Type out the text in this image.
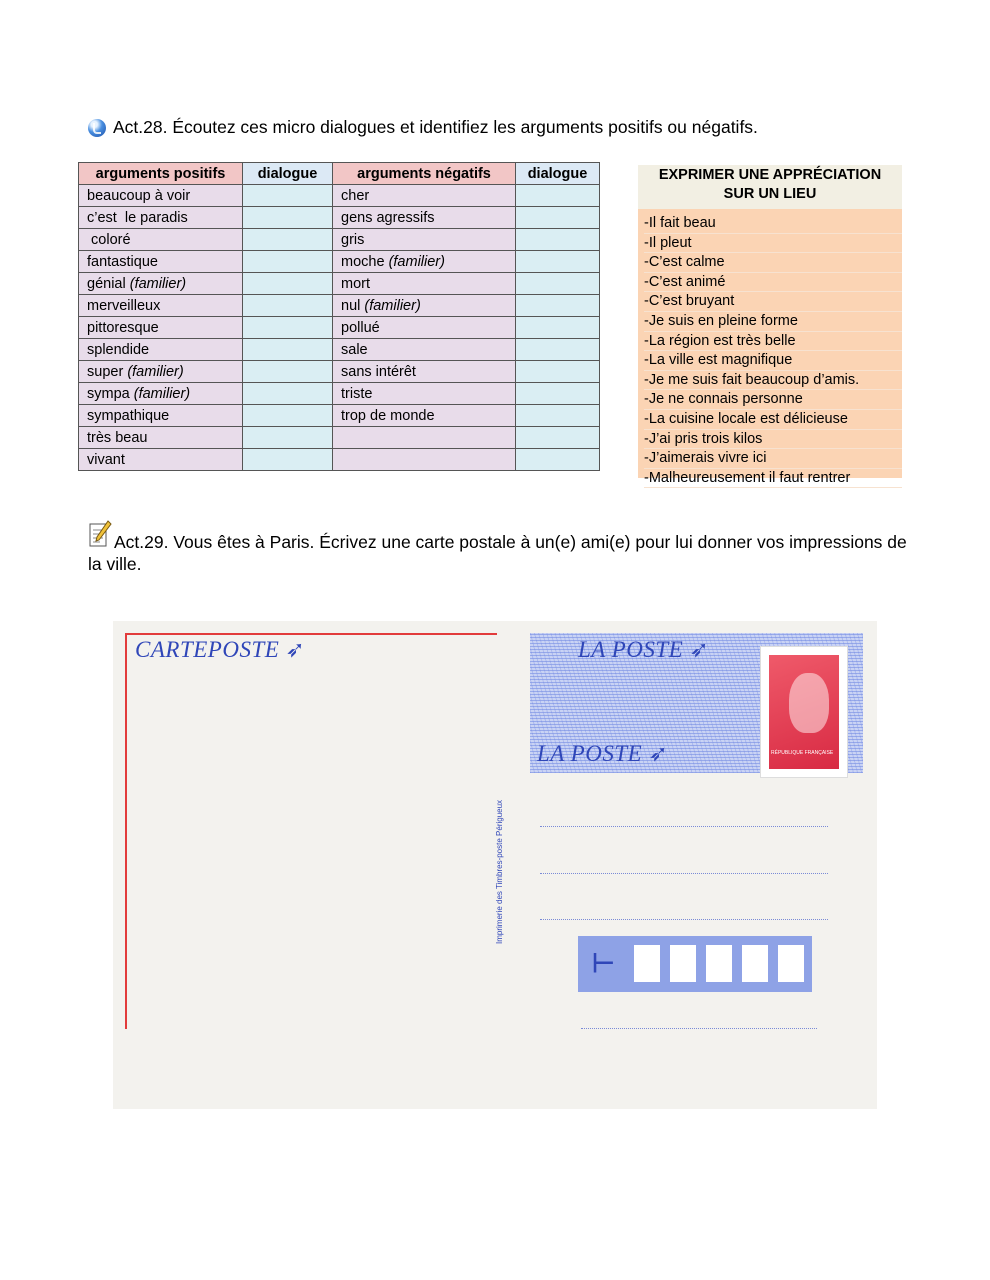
Act.28. Écoutez ces micro dialogues et identifiez les arguments positifs ou négatifs.
arguments positifs	dialogue	arguments négatifs	dialogue
beaucoup à voir		cher	
c’est  le paradis		gens agressifs	
coloré		gris	
fantastique		moche (familier)	
génial (familier)		mort	
merveilleux		nul (familier)	
pittoresque		pollué	
splendide		sale	
super (familier)		sans intérêt	
sympa (familier)		triste	
sympathique		trop de monde	
très beau			
vivant			
EXPRIMER UNE APPRÉCIATION
SUR UN LIEU
-Il fait beau
-Il pleut
-C’est calme
-C’est animé
-C’est bruyant
-Je suis en pleine forme
-La région est très belle
-La ville est magnifique
-Je me suis fait beaucoup d’amis.
-Je ne connais personne
-La cuisine locale est délicieuse
-J’ai pris trois kilos
-J’aimerais vivre ici
-Malheureusement il faut rentrer
Act.29. Vous êtes à Paris. Écrivez une carte postale à un(e) ami(e) pour lui donner vos impressions de la ville.
CARTEPOSTE ➶	LA POSTE ➶
LA POSTE ➶	RÉPUBLIQUE FRANÇAISE
Imprimerie des Timbres-poste Périgueux
⊢
